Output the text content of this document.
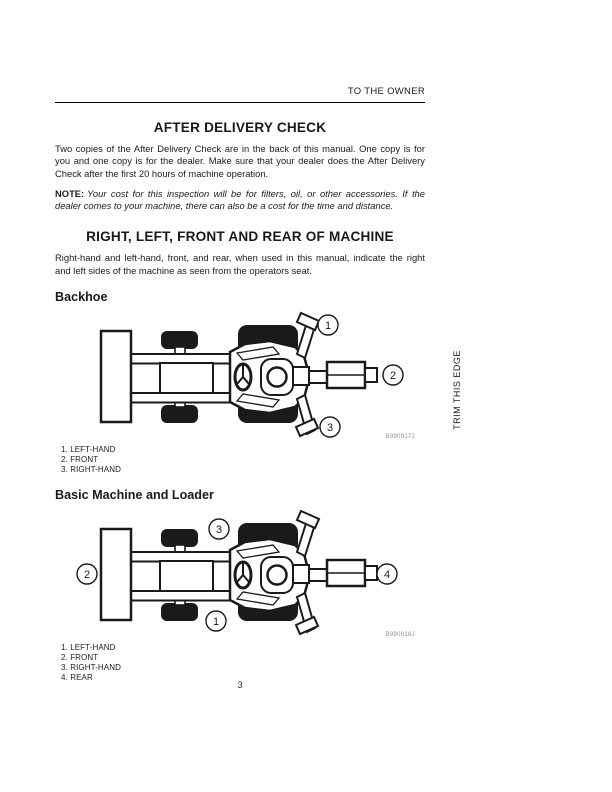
TO THE OWNER
AFTER DELIVERY CHECK

Two copies of the After Delivery Check are in the back of this manual. One copy is for you and one copy is for the dealer. Make sure that your dealer does the After Delivery Check after the first 20 hours of machine operation.

NOTE: Your cost for this inspection will be for filters, oil, or other accessories. If the dealer comes to your machine, there can also be a cost for the time and distance.

RIGHT, LEFT, FRONT AND REAR OF MACHINE

Right-hand and left-hand, front, and rear, when used in this manual, indicate the right and left sides of the machine as seen from the operators seat.

Backhoe
1
2
3
B990917J
1. LEFT-HAND
2. FRONT
3. RIGHT-HAND
Basic Machine and Loader
2
3
1
4
B990918J
1. LEFT-HAND
2. FRONT
3. RIGHT-HAND
4. REAR
TRIM THIS EDGE
3
